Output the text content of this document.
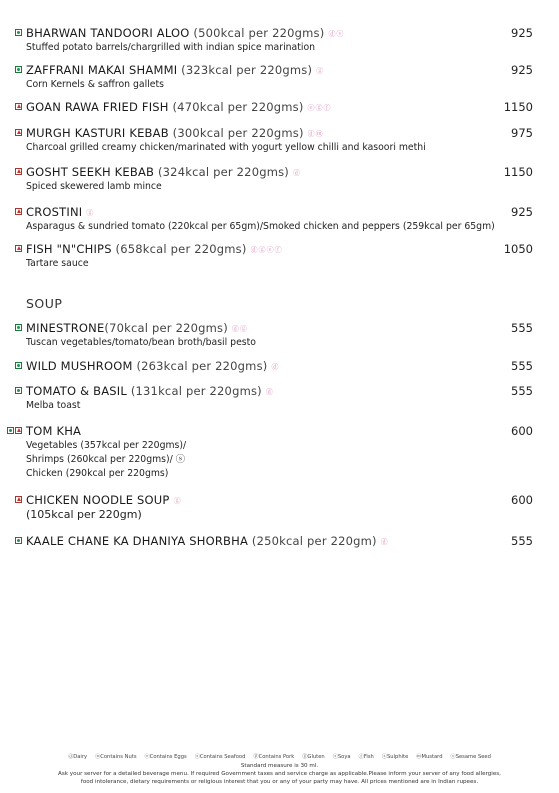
BHARWAN TANDOORI ALOO (500kcal per 220gms) ⓓⓢ
Stuffed potato barrels/chargrilled with indian spice marination
925
ZAFFRANI MAKAI SHAMMI (323kcal per 220gms) ⓖ
Corn Kernels & saffron gallets
925
GOAN RAWA FRIED FISH (470kcal per 220gms) ⓔⓖⓕ	1150
MURGH KASTURI KEBAB (300kcal per 220gms) ⓓⓜ
Charcoal grilled creamy chicken/marinated with yogurt yellow chilli and kasoori methi
975
GOSHT SEEKH KEBAB (324kcal per 220gms) ⓓ
Spiced skewered lamb mince
1150
CROSTINI ⓖ
Asparagus & sundried tomato (220kcal per 65gm)/Smoked chicken and peppers (259kcal per 65gm)
925
FISH "N"CHIPS (658kcal per 220gms) ⓓⓖⓔⓕ
Tartare sauce
1050
SOUP
MINESTRONE(70kcal per 220gms) ⓓⓖ
Tuscan vegetables/tomato/bean broth/basil pesto
555
WILD MUSHROOM (263kcal per 220gms) ⓓ	555
TOMATO & BASIL (131kcal per 220gms) ⓓ
Melba toast
555
TOM KHA
Vegetables (357kcal per 220gms)/
Shrimps (260kcal per 220gms)/ ⓢ
Chicken (290kcal per 220gms)
600
CHICKEN NOODLE SOUP ⓖ
(105kcal per 220gm)
600
KAALE CHANE KA DHANIYA SHORBHA (250kcal per 220gm) ⓓ	555
ⓓDairy ⓝContains Nuts ⓔContains Eggs ⓢContains Seafood ⓟContains Pork ⓖGluten ⓢSoya ⓕFish ⓢSulphite ⓜMustard ⓢSesame Seed
Standard measure is 30 ml.
Ask your server for a detailed beverage menu. If required Government taxes and service charge as applicable.Please inform your server of any food allergies,
food intolerance, dietary requirements or religious interest that you or any of your party may have. All prices mentioned are in Indian rupees.
